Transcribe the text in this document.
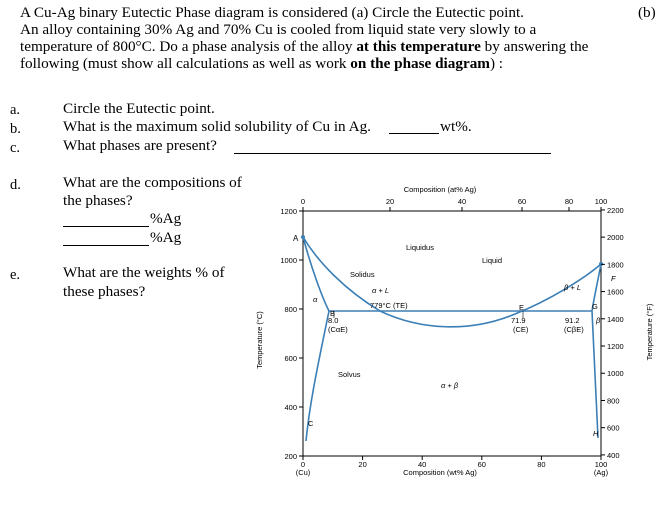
A Cu-Ag binary Eutectic Phase diagram is considered (a) Circle the Eutectic point.	(b)
An alloy containing 30% Ag and 70% Cu is cooled from liquid state very slowly to a
temperature of 800°C. Do a phase analysis of the alloy at this temperature by answering the
following (must show all calculations as well as work on the phase diagram) :
a.	Circle the Eutectic point.
b.	What is the maximum solid solubility of Cu in Ag.	wt%.
c.	What phases are present?
d.	What are the compositions of
the phases?
%Ag
%Ag
e.	What are the weights % of
these phases?
0	20	40	60	80	100
0	20	40	60	80	100
200
400
600
800
1000
1200
400
600
800
1000
1200
1400
1600
1800
2000
2200
Composition (at% Ag)
Composition (wt% Ag)
(Cu)	(Ag)
Temperature (°C)	Temperature (°F)
A
B
C
E
F
G
H
Liquid
Liquidus
Solidus
Solvus
α
β
α + L	β + L
α + β
779°C (TE)
8.0
(CαE)
71.9
(CE)
91.2
(CβE)
